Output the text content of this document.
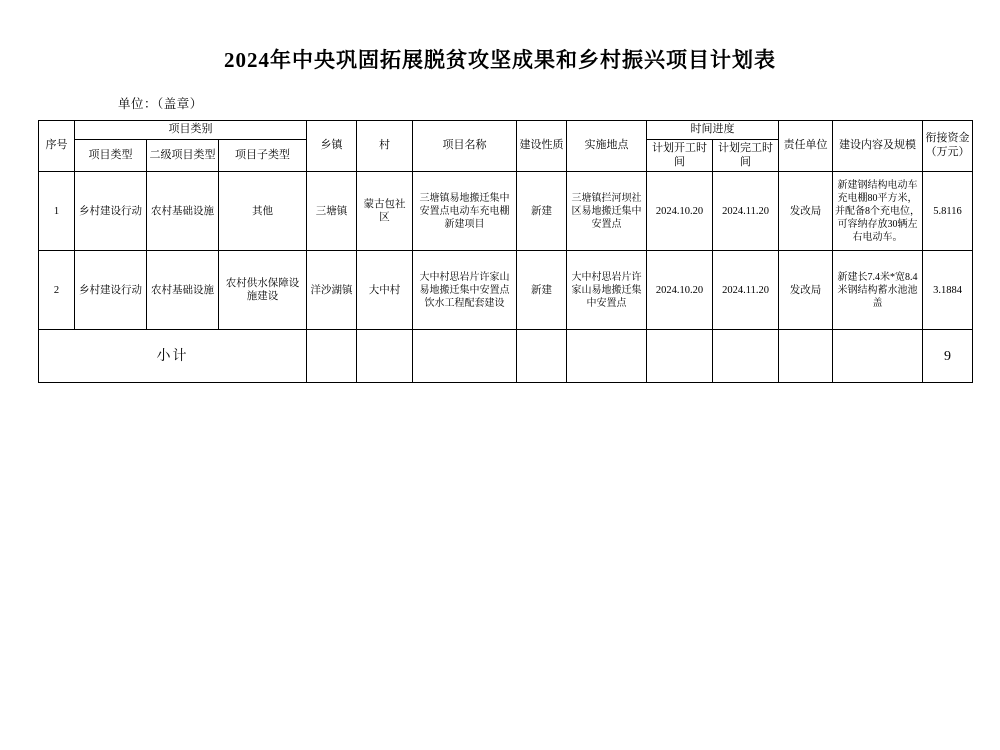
2024年中央巩固拓展脱贫攻坚成果和乡村振兴项目计划表
单位：（盖章）
序号	项目类别			乡镇	村	项目名称	建设性质	实施地点	时间进度		责任单位	建设内容及规模	衔接资金（万元）
	项目类型	二级项目类型	项目子类型						计划开工时间	计划完工时间			
1	乡村建设行动	农村基础设施	其他	三塘镇	蒙古包社区	三塘镇易地搬迁集中安置点电动车充电棚新建项目	新建	三塘镇拦河坝社区易地搬迁集中安置点	2024.10.20	2024.11.20	发改局	新建钢结构电动车充电棚80平方米，并配备8个充电位，可容纳存放30辆左右电动车。	5.8116
2	乡村建设行动	农村基础设施	农村供水保障设施建设	洋沙湖镇	大中村	大中村思岩片许家山易地搬迁集中安置点饮水工程配套建设	新建	大中村思岩片许家山易地搬迁集中安置点	2024.10.20	2024.11.20	发改局	新建长7.4米*宽8.4米钢结构蓄水池池盖	3.1884
小计													9
